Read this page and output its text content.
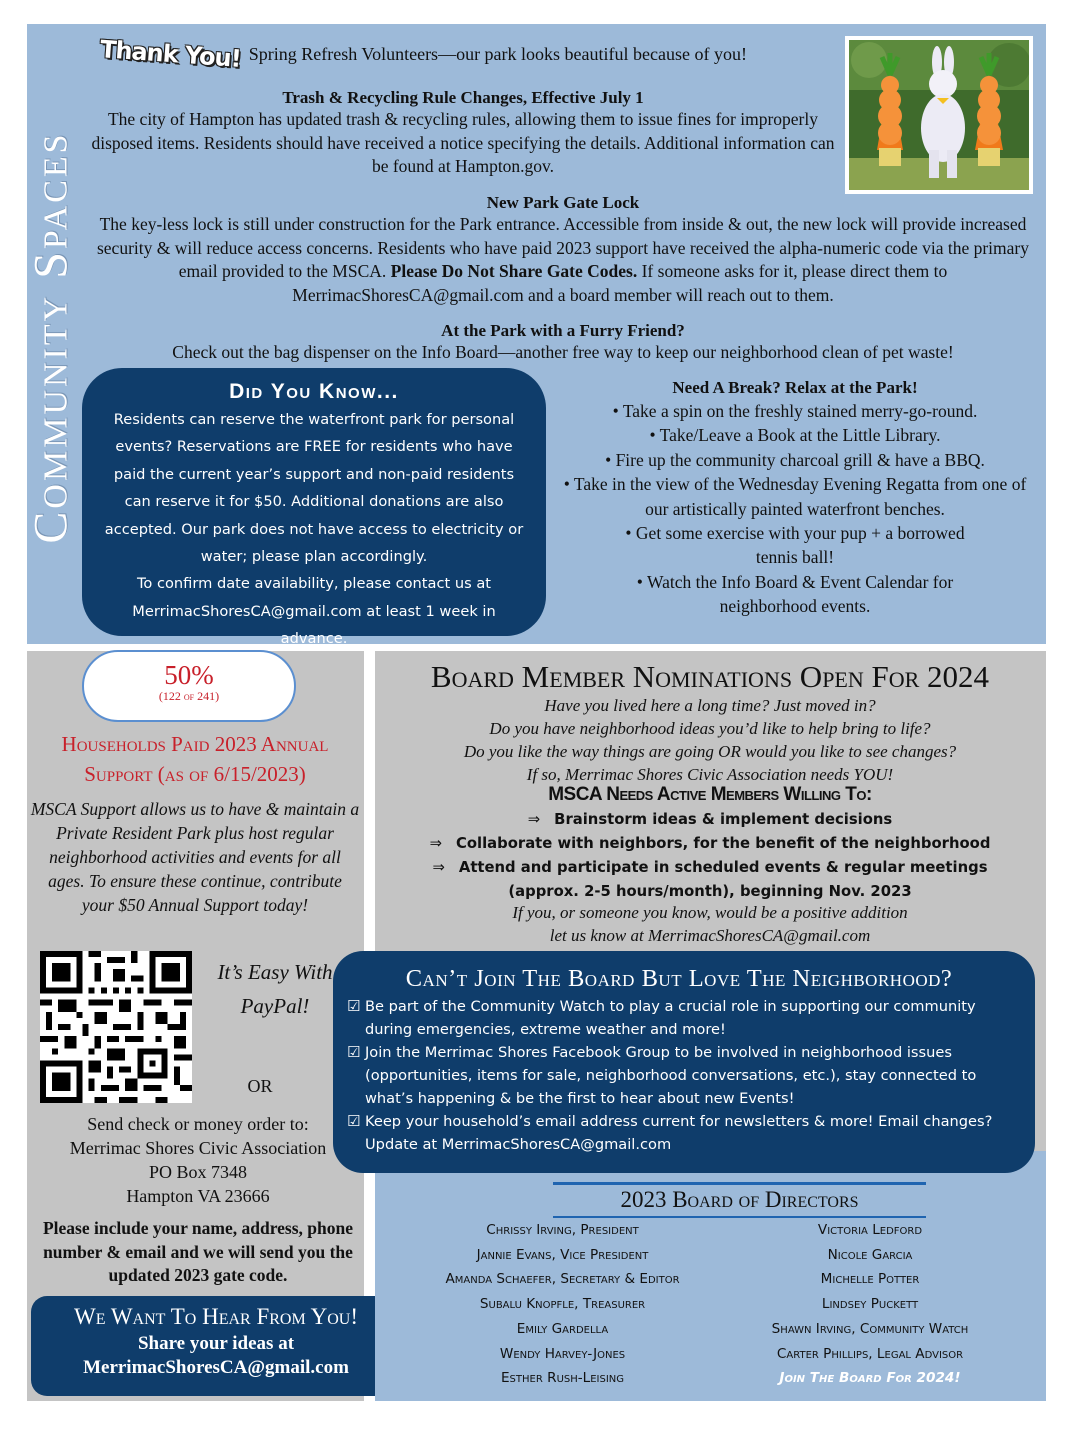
Community Spaces
Thank You! Spring Refresh Volunteers—our park looks beautiful because of you!
Trash & Recycling Rule Changes, Effective July 1
The city of Hampton has updated trash & recycling rules, allowing them to issue fines for improperly disposed items. Residents should have received a notice specifying the details. Additional information can be found at Hampton.gov.
New Park Gate Lock
The key-less lock is still under construction for the Park entrance. Accessible from inside & out, the new lock will provide increased security & will reduce access concerns. Residents who have paid 2023 support have received the alpha-numeric code via the primary email provided to the MSCA. Please Do Not Share Gate Codes. If someone asks for it, please direct them to MerrimacShoresCA@gmail.com and a board member will reach out to them.
At the Park with a Furry Friend?
Check out the bag dispenser on the Info Board—another free way to keep our neighborhood clean of pet waste!
Did You Know...
Residents can reserve the waterfront park for personal events? Reservations are FREE for residents who have paid the current year’s support and non-paid residents can reserve it for $50. Additional donations are also accepted. Our park does not have access to electricity or water; please plan accordingly.
To confirm date availability, please contact us at MerrimacShoresCA@gmail.com at least 1 week in advance.
Need A Break? Relax at the Park!
• Take a spin on the freshly stained merry-go-round.
• Take/Leave a Book at the Little Library.
• Fire up the community charcoal grill & have a BBQ.
• Take in the view of the Wednesday Evening Regatta from one of our artistically painted waterfront benches.
• Get some exercise with your pup + a borrowed tennis ball!
• Watch the Info Board & Event Calendar for neighborhood events.
50%
(122 of 241)
Households Paid 2023 Annual Support (as of 6/15/2023)
MSCA Support allows us to have & maintain a Private Resident Park plus host regular neighborhood activities and events for all ages. To ensure these continue, contribute your $50 Annual Support today!
It’s Easy With PayPal!
OR
Send check or money order to:
Merrimac Shores Civic Association
PO Box 7348
Hampton VA 23666
Please include your name, address, phone number & email and we will send you the updated 2023 gate code.
We Want To Hear From You!
Share your ideas at
MerrimacShoresCA@gmail.com
Board Member Nominations Open For 2024
Have you lived here a long time? Just moved in?
Do you have neighborhood ideas you’d like to help bring to life?
Do you like the way things are going OR would you like to see changes?
If so, Merrimac Shores Civic Association needs YOU!
MSCA Needs Active Members Willing To:
⇒ Brainstorm ideas & implement decisions
⇒ Collaborate with neighbors, for the benefit of the neighborhood
⇒ Attend and participate in scheduled events & regular meetings
(approx. 2-5 hours/month), beginning Nov. 2023
If you, or someone you know, would be a positive addition
let us know at MerrimacShoresCA@gmail.com
Can’t Join The Board But Love The Neighborhood?
☑ Be part of the Community Watch to play a crucial role in supporting our community during emergencies, extreme weather and more!
☑ Join the Merrimac Shores Facebook Group to be involved in neighborhood issues (opportunities, items for sale, neighborhood conversations, etc.), stay connected to what’s happening & be the first to hear about new Events!
☑ Keep your household’s email address current for newsletters & more! Email changes? Update at MerrimacShoresCA@gmail.com
2023 Board of Directors
Chrissy Irving, President
Jannie Evans, Vice President
Amanda Schaefer, Secretary & Editor
Subalu Knopfle, Treasurer
Emily Gardella
Wendy Harvey-Jones
Esther Rush-Leising
Victoria Ledford
Nicole Garcia
Michelle Potter
Lindsey Puckett
Shawn Irving, Community Watch
Carter Phillips, Legal Advisor
Join The Board For 2024!
